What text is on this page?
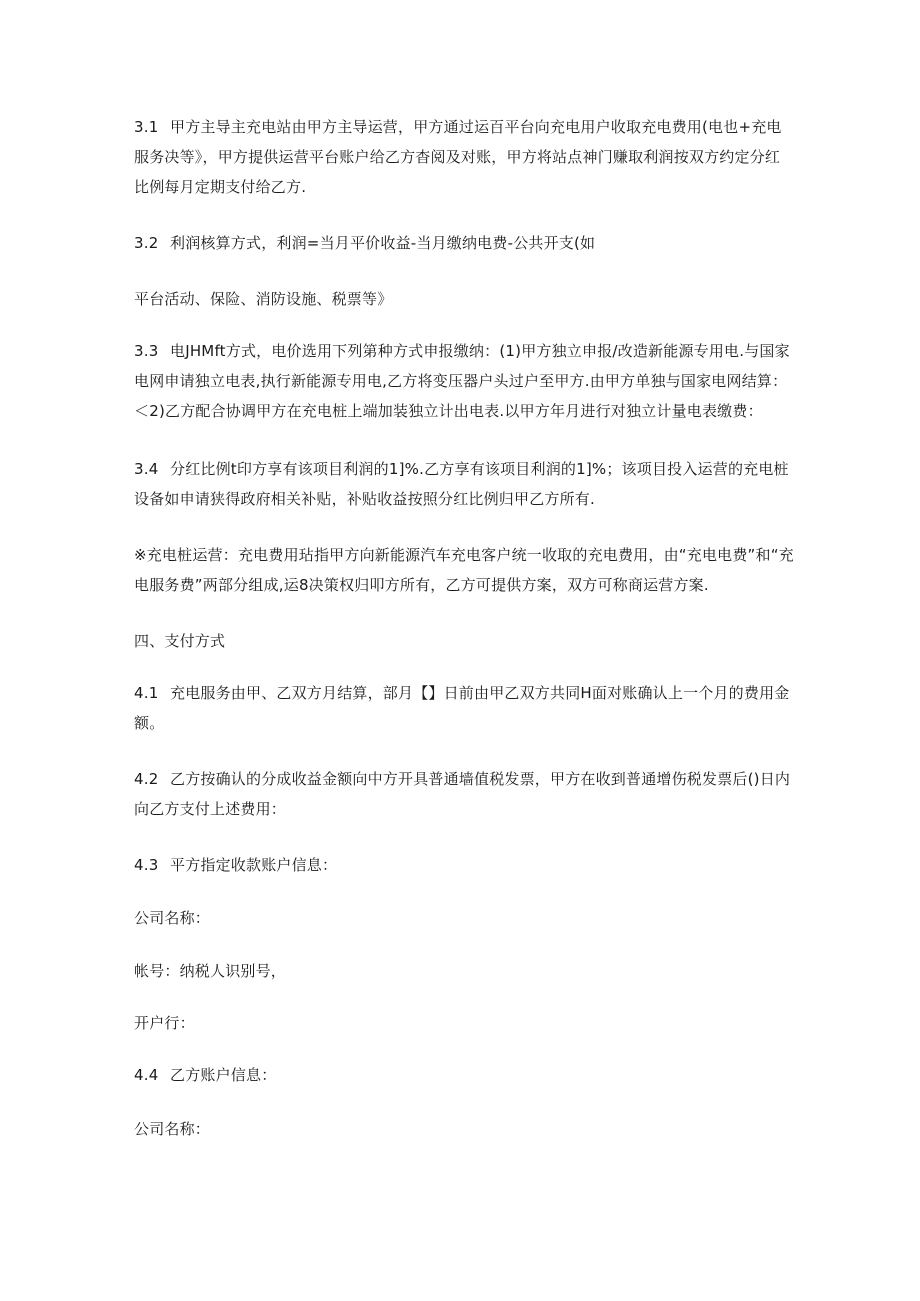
3.1 甲方主导主充电站由甲方主导运营，甲方通过运百平台向充电用户收取充电费用(电也+充电服务决等》，甲方提供运营平台账户给乙方杳阅及对账，甲方将站点神门赚取利润按双方约定分红比例每月定期支付给乙方.

3.2 利润核算方式，利润=当月平价收益-当月缴纳电费-公共开支(如

平台活动、保险、消防设施、税票等》

3.3 电JHMft方式，电价选用下列第种方式申报缴纳：(1)甲方独立申报/改造新能源专用电.与国家电网申请独立电表,执行新能源专用电,乙方将变压器户头过户至甲方.由甲方单独与国家电网结算：＜2)乙方配合协调甲方在充电桩上端加装独立计出电表.以甲方年月进行对独立计量电表缴费：

3.4 分红比例t印方享有该项目利润的1]%.乙方享有该项目利润的1]%；该项目投入运营的充电桩设备如申请狭得政府相关补贴，补贴收益按照分红比例归甲乙方所有.

※充电桩运营：充电费用玷指甲方向新能源汽车充电客户统一收取的充电费用，由“充电电费”和“充电服务费”两部分组成,运8决策权归叩方所有，乙方可提供方案，双方可称商运营方案.

四、支付方式

4.1 充电服务由甲、乙双方月结算，部月【】日前由甲乙双方共同H面对账确认上一个月的费用金额。

4.2 乙方按确认的分成收益金额向中方开具普通墙值税发票，甲方在收到普通增伤税发票后()日内向乙方支付上述费用：

4.3 平方指定收款账户信息：

公司名称：

帐号：纳税人识别号，

开户行：

4.4 乙方账户信息：

公司名称：
